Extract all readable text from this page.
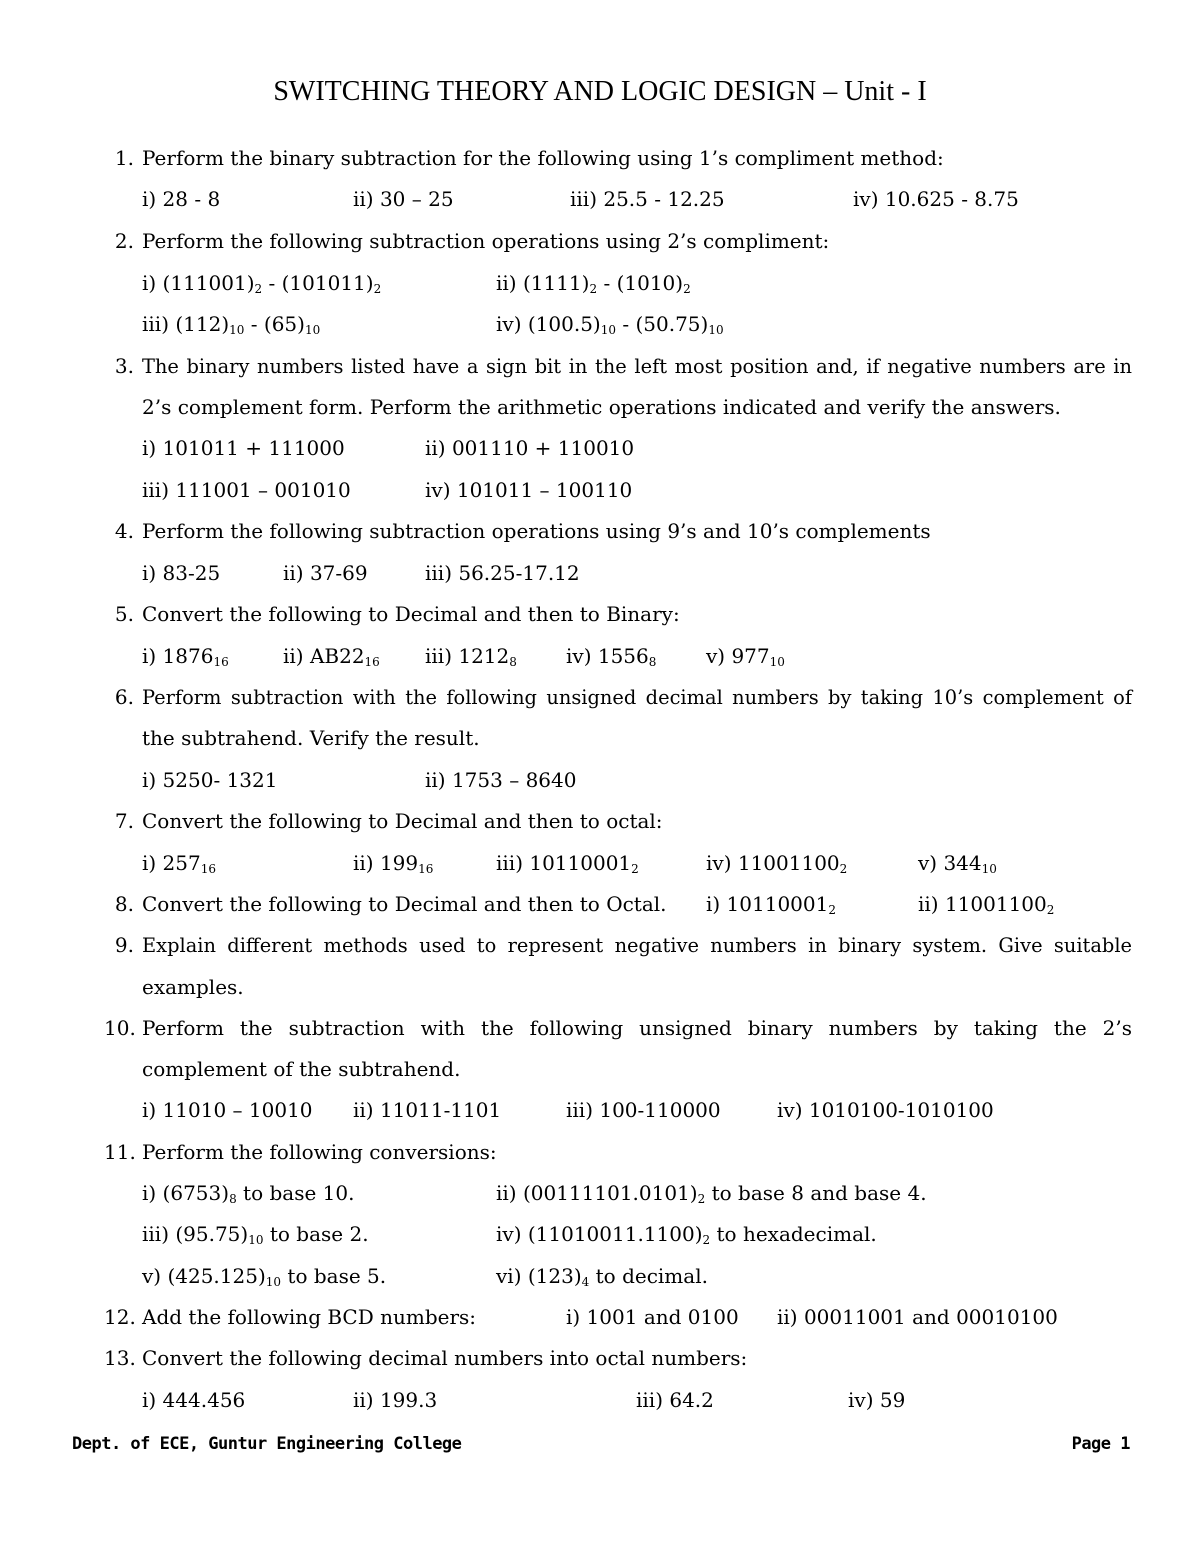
SWITCHING THEORY AND LOGIC DESIGN – Unit - I
1. Perform the binary subtraction for the following using 1’s compliment method:
i) 28 - 8	ii) 30 – 25	iii) 25.5 - 12.25	iv) 10.625 - 8.75
2. Perform the following subtraction operations using 2’s compliment:
i) $(111001)_2 - (101011)_2$	ii) $(1111)_2 - (1010)_2$
iii) $(112)_{10} - (65)_{10}$	iv) $(100.5)_{10} - (50.75)_{10}$
3. The binary numbers listed have a sign bit in the left most position and, if negative numbers are in
2’s complement form. Perform the arithmetic operations indicated and verify the answers.
i) 101011 + 111000	ii) 001110 + 110010
iii) 111001 – 001010	iv) 101011 – 100110
4. Perform the following subtraction operations using 9’s and 10’s complements
i) 83-25	ii) 37-69	iii) 56.25-17.12
5. Convert the following to Decimal and then to Binary:
i) $1876_{16}$	ii) $AB22_{16}$ iii) $1212_8$ iv) $1556_8$ v) $977_{10}$
6. Perform subtraction with the following unsigned decimal numbers by taking 10’s complement of
the subtrahend. Verify the result.
i) 5250- 1321	ii) 1753 – 8640
7. Convert the following to Decimal and then to octal:
i) $257_{16}$	ii) $199_{16}$	iii) $10110001_2$	iv) $11001100_2$	v) $344_{10}$
8. Convert the following to Decimal and then to Octal.	i) $10110001_2$	ii) $11001100_2$
9. Explain different methods used to represent negative numbers in binary system. Give suitable
examples.
10. Perform the subtraction with the following unsigned binary numbers by taking the 2’s
complement of the subtrahend.
i) 11010 – 10010 ii) 11011-1101	iii) 100-110000	iv) 1010100-1010100
11. Perform the following conversions:
i) $(6753)_8$ to base 10.	ii) $(00111101.0101)_2$ to base 8 and base 4.
iii) $(95.75)_{10}$ to base 2.	iv) $(11010011.1100)_2$ to hexadecimal.
v) $(425.125)_{10}$ to base 5.	vi) $(123)_4$ to decimal.
12. Add the following BCD numbers:	i) 1001 and 0100 ii) 00011001 and 00010100
13. Convert the following decimal numbers into octal numbers:
i) 444.456	ii) 199.3	iii) 64.2	iv) 59
Dept. of ECE, Guntur Engineering College	Page 1
